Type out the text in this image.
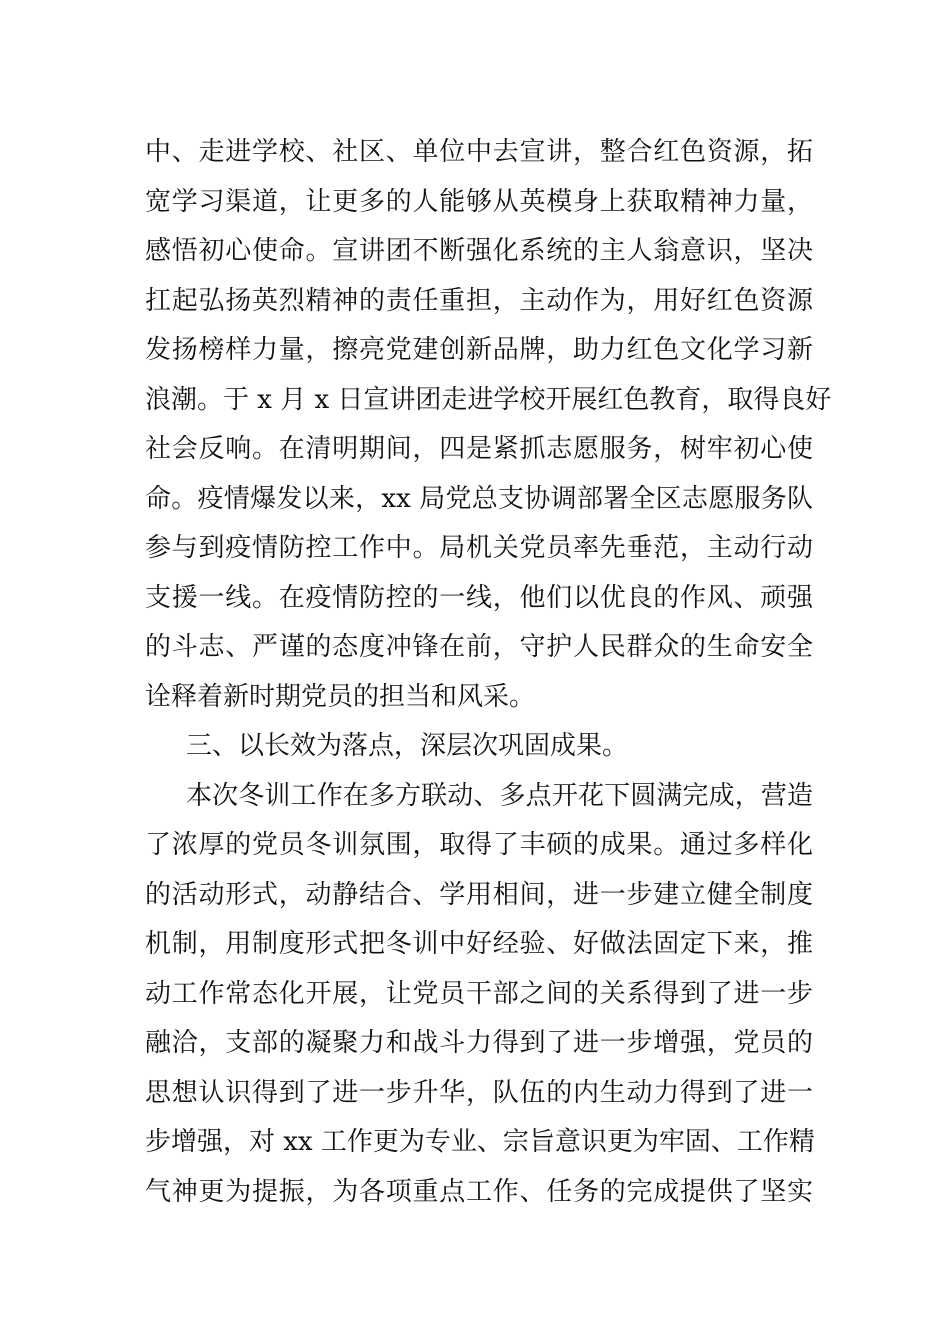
中、走进学校、社区、单位中去宣讲，整合红色资源，拓
宽学习渠道，让更多的人能够从英模身上获取精神力量，
感悟初心使命。宣讲团不断强化系统的主人翁意识，坚决
扛起弘扬英烈精神的责任重担，主动作为，用好红色资源
发扬榜样力量，擦亮党建创新品牌，助力红色文化学习新
浪潮。于 x 月 x 日宣讲团走进学校开展红色教育，取得良好
社会反响。在清明期间，四是紧抓志愿服务，树牢初心使
命。疫情爆发以来，xx 局党总支协调部署全区志愿服务队
参与到疫情防控工作中。局机关党员率先垂范，主动行动
支援一线。在疫情防控的一线，他们以优良的作风、顽强
的斗志、严谨的态度冲锋在前，守护人民群众的生命安全
诠释着新时期党员的担当和风采。
三、以长效为落点，深层次巩固成果。
本次冬训工作在多方联动、多点开花下圆满完成，营造
了浓厚的党员冬训氛围，取得了丰硕的成果。通过多样化
的活动形式，动静结合、学用相间，进一步建立健全制度
机制，用制度形式把冬训中好经验、好做法固定下来，推
动工作常态化开展，让党员干部之间的关系得到了进一步
融洽，支部的凝聚力和战斗力得到了进一步增强，党员的
思想认识得到了进一步升华，队伍的内生动力得到了进一
步增强，对 xx 工作更为专业、宗旨意识更为牢固、工作精
气神更为提振，为各项重点工作、任务的完成提供了坚实
